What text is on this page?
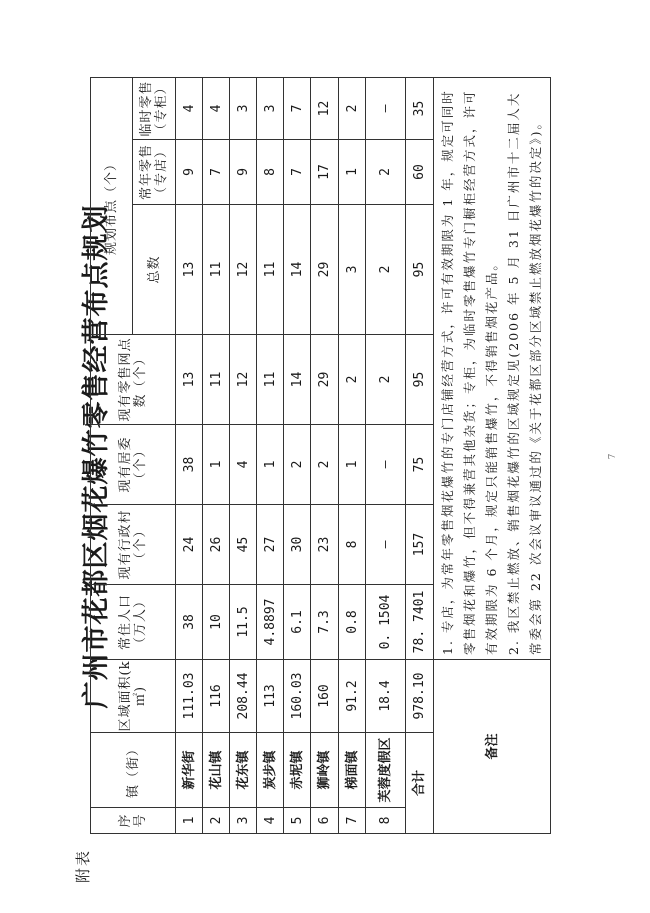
附表
广州市花都区烟花爆竹零售经营布点规划
序号	镇（街）	区域面积(k㎡)	常住人口（万人）	现有行政村（个）	现有居委（个）	现有零售网点数（个）	规划布点（个）		
							总数	常年零售（专店）	临时零售（专柜）
1	新华街	111.03	38	24	38	13	13	9	4
2	花山镇	116	10	26	1	11	11	7	4
3	花东镇	208.44	11.5	45	4	12	12	9	3
4	炭步镇	113	4.8897	27	1	11	11	8	3
5	赤坭镇	160.03	6.1	30	2	14	14	7	7
6	狮岭镇	160	7.3	23	2	29	29	17	12
7	梯面镇	91.2	0.8	8	1	2	3	1	2
8	芙蓉度假区	18.4	0. 1504	—	—	2	2	2	—
合计		978.10	78. 7401	157	75	95	95	60	35
备注			1. 专店，为常年零售烟花爆竹的专门店铺经营方式，许可有效期限为 1 年，规定可同时零售烟花和爆竹，但不得兼营其他杂货；专柜，为临时零售爆竹专门橱柜经营方式，许可有效期限为 6 个月，规定只能销售爆竹，不得销售烟花产品。 2. 我区禁止燃放、销售烟花爆竹的区域规定见(2006 年 5 月 31 日广州市十二届人大常委会第 22 次会议审议通过的《关于花都区部分区域禁止燃放烟花爆竹的决定》)。							7
